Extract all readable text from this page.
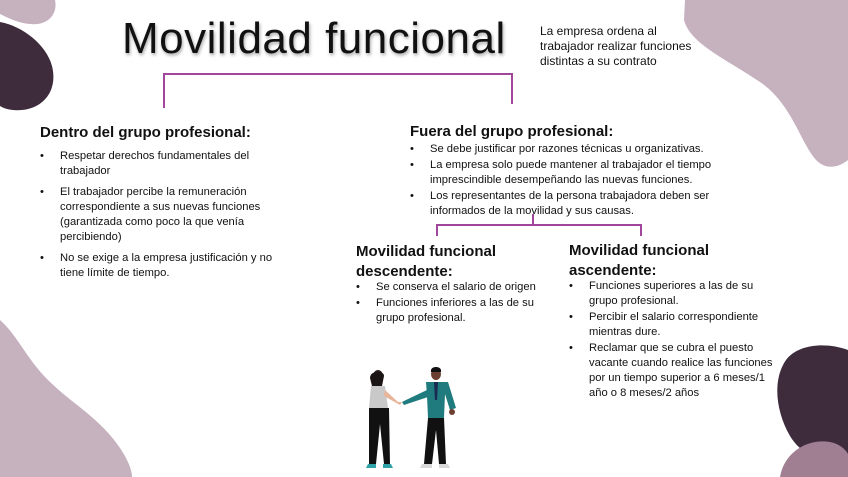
Movilidad funcional	La empresa ordena al trabajador realizar funciones distintas a su contrato
Dentro del grupo profesional:
• Respetar derechos fundamentales del trabajador
• El trabajador percibe la remuneración correspondiente a sus nuevas funciones (garantizada como poco la que venía percibiendo)
• No se exige a la empresa justificación y no tiene límite de tiempo.
Fuera del grupo profesional:
• Se debe justificar por razones técnicas u organizativas.
• La empresa solo puede mantener al trabajador el tiempo imprescindible desempeñando las nuevas funciones.
• Los representantes de la persona trabajadora deben ser informados de la movilidad y sus causas.
Movilidad funcional descendente:
• Se conserva el salario de origen
• Funciones inferiores a las de su grupo profesional.
Movilidad funcional ascendente:
• Funciones superiores a las de su grupo profesional.
• Percibir el salario correspondiente mientras dure.
• Reclamar que se cubra el puesto vacante cuando realice las funciones por un tiempo superior a 6 meses/1 año o 8 meses/2 años
